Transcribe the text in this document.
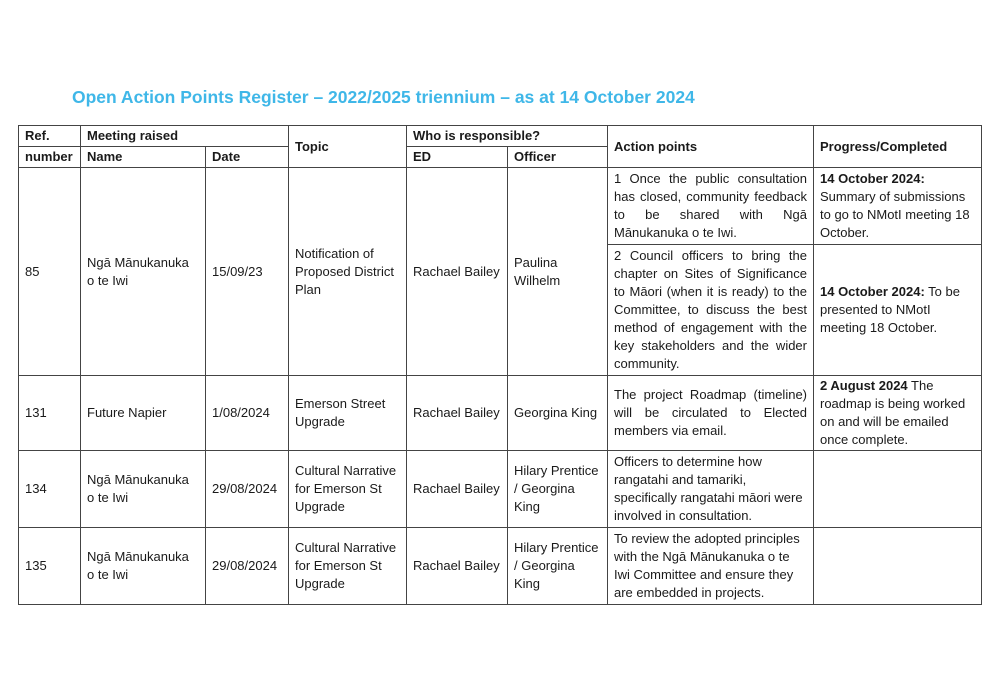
Open Action Points Register – 2022/2025 triennium – as at 14 October 2024
Ref.	Meeting raised		Topic	Who is responsible?		Action points	Progress/Completed
number	Name	Date		ED	Officer		
85	Ngā Mānukanuka o te Iwi	15/09/23	Notification of Proposed District Plan	Rachael Bailey	Paulina Wilhelm	1 Once the public consultation has closed, community feedback to be shared with Ngā Mānukanuka o te Iwi.	14 October 2024:
Summary of submissions to go to NMotI meeting 18 October.
						2 Council officers to bring the chapter on Sites of Significance to Māori (when it is ready) to the Committee, to discuss the best method of engagement with the key stakeholders and the wider community.	14 October 2024: To be presented to NMotI meeting 18 October.
131	Future Napier	1/08/2024	Emerson Street Upgrade	Rachael Bailey	Georgina King	The project Roadmap (timeline) will be circulated to Elected members via email.	2 August 2024 The roadmap is being worked on and will be emailed once complete.
134	Ngā Mānukanuka o te Iwi	29/08/2024	Cultural Narrative for Emerson St Upgrade	Rachael Bailey	Hilary Prentice / Georgina King	Officers to determine how rangatahi and tamariki, specifically rangatahi māori were involved in consultation.	
135	Ngā Mānukanuka o te Iwi	29/08/2024	Cultural Narrative for Emerson St Upgrade	Rachael Bailey	Hilary Prentice / Georgina King	To review the adopted principles with the Ngā Mānukanuka o te Iwi Committee and ensure they are embedded in projects.	
